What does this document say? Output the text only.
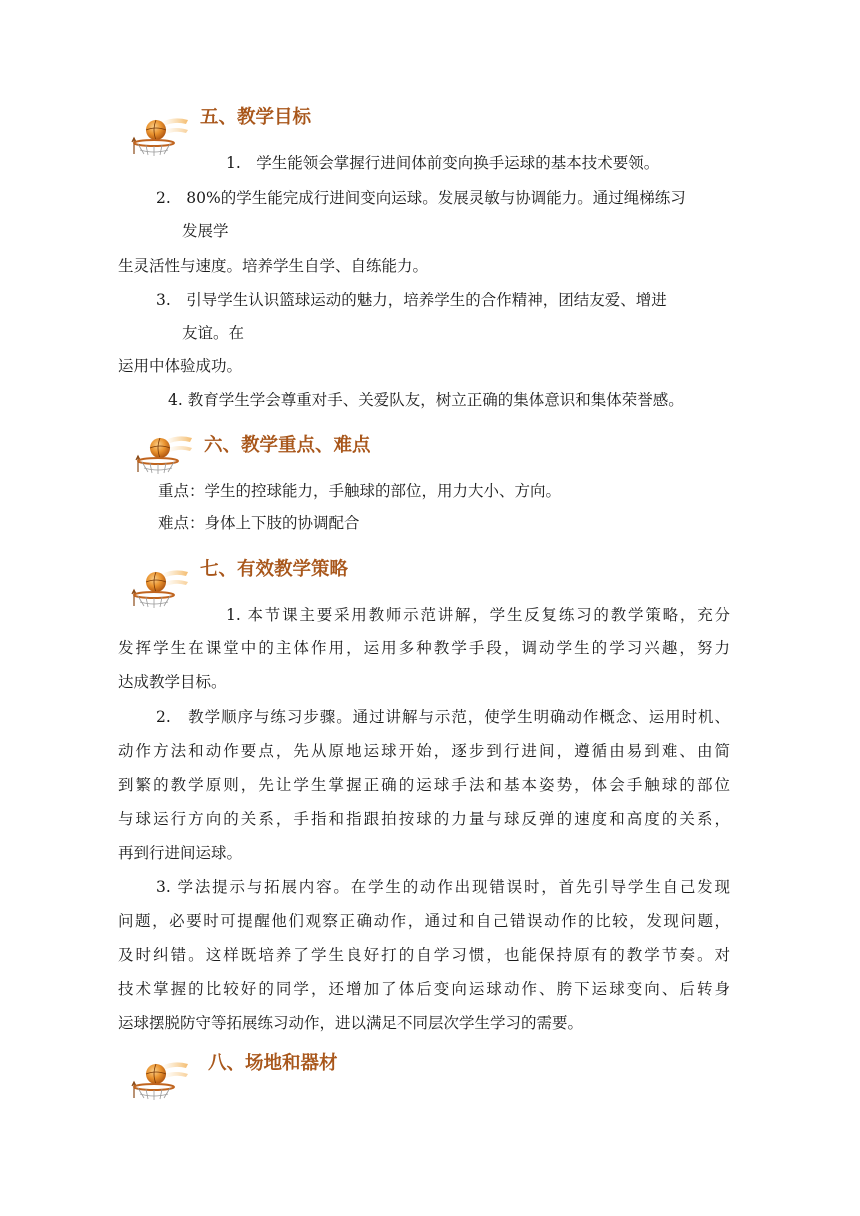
五、教学目标
1.　学生能领会掌握行进间体前变向换手运球的基本技术要领。
2.　80%的学生能完成行进间变向运球。发展灵敏与协调能力。通过绳梯练习
发展学
生灵活性与速度。培养学生自学、自练能力。
3.　引导学生认识篮球运动的魅力，培养学生的合作精神，团结友爱、增进
友谊。在
运用中体验成功。
4. 教育学生学会尊重对手、关爱队友，树立正确的集体意识和集体荣誉感。
六、教学重点、难点
重点：学生的控球能力，手触球的部位，用力大小、方向。
难点：身体上下肢的协调配合
七、有效教学策略
1. 本节课主要采用教师示范讲解，学生反复练习的教学策略，充分
发挥学生在课堂中的主体作用，运用多种教学手段，调动学生的学习兴趣，努力
达成教学目标。
2.　教学顺序与练习步骤。通过讲解与示范，使学生明确动作概念、运用时机、
动作方法和动作要点，先从原地运球开始，逐步到行进间，遵循由易到难、由简
到繁的教学原则，先让学生掌握正确的运球手法和基本姿势，体会手触球的部位
与球运行方向的关系，手指和指跟拍按球的力量与球反弹的速度和高度的关系，
再到行进间运球。
3. 学法提示与拓展内容。在学生的动作出现错误时，首先引导学生自己发现
问题，必要时可提醒他们观察正确动作，通过和自己错误动作的比较，发现问题，
及时纠错。这样既培养了学生良好打的自学习惯，也能保持原有的教学节奏。对
技术掌握的比较好的同学，还增加了体后变向运球动作、胯下运球变向、后转身
运球摆脱防守等拓展练习动作，进以满足不同层次学生学习的需要。
八、场地和器材
